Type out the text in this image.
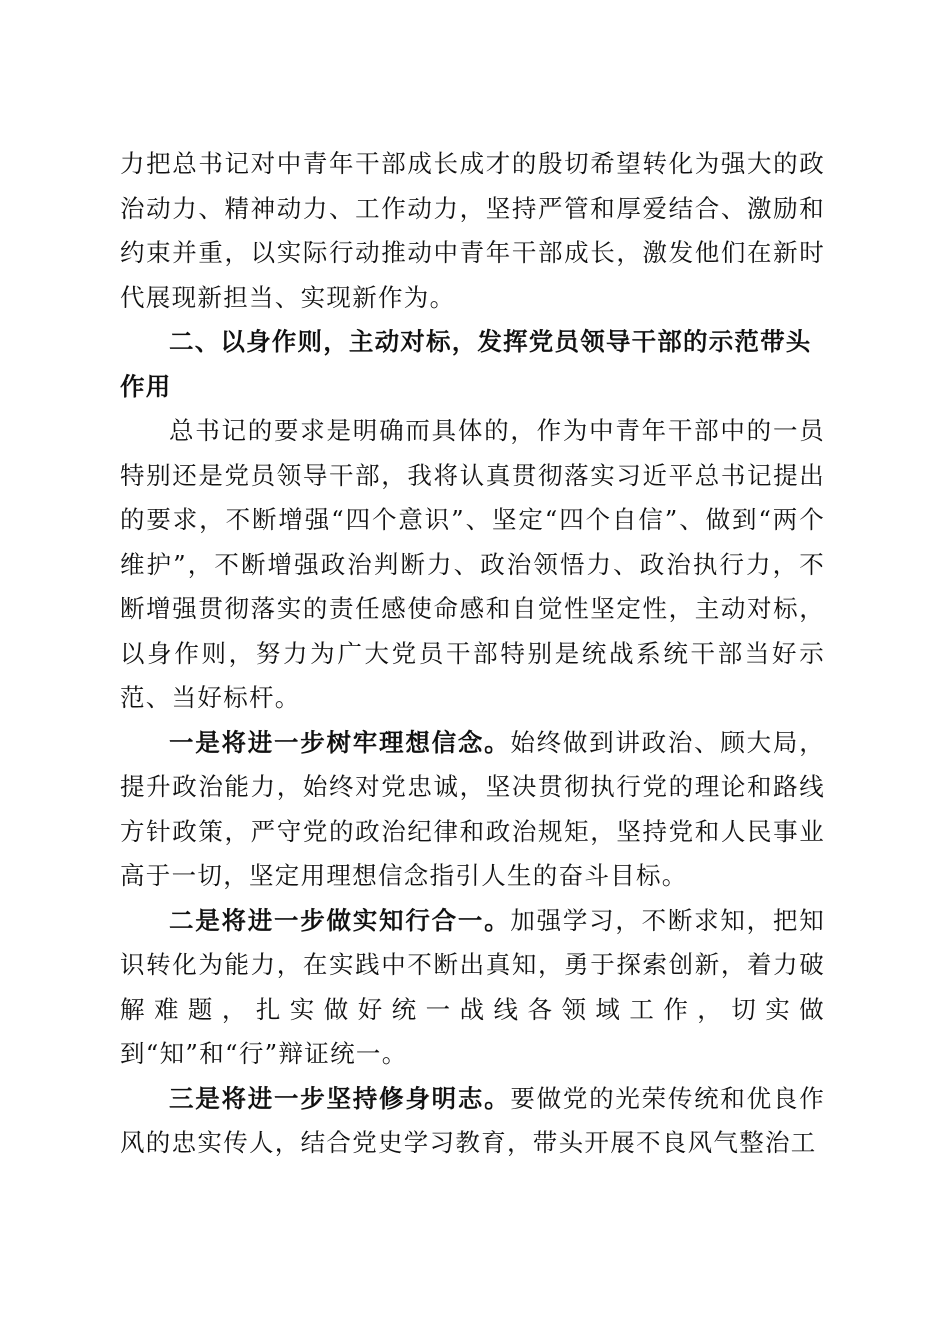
力把总书记对中青年干部成长成才的殷切希望转化为强大的政治动力、精神动力、工作动力，坚持严管和厚爱结合、激励和约束并重，以实际行动推动中青年干部成长，激发他们在新时代展现新担当、实现新作为。

二、以身作则，主动对标，发挥党员领导干部的示范带头作用

总书记的要求是明确而具体的，作为中青年干部中的一员特别还是党员领导干部，我将认真贯彻落实习近平总书记提出的要求，不断增强“四个意识”、坚定“四个自信”、做到“两个维护”，不断增强政治判断力、政治领悟力、政治执行力，不断增强贯彻落实的责任感使命感和自觉性坚定性，主动对标，以身作则，努力为广大党员干部特别是统战系统干部当好示范、当好标杆。

一是将进一步树牢理想信念。始终做到讲政治、顾大局，提升政治能力，始终对党忠诚，坚决贯彻执行党的理论和路线方针政策，严守党的政治纪律和政治规矩，坚持党和人民事业高于一切，坚定用理想信念指引人生的奋斗目标。

二是将进一步做实知行合一。加强学习，不断求知，把知识转化为能力，在实践中不断出真知，勇于探索创新，着力破解难题，扎实做好统一战线各领域工作，切实做到“知”和“行”辩证统一。

三是将进一步坚持修身明志。要做党的光荣传统和优良作风的忠实传人，结合党史学习教育，带头开展不良风气整治工
